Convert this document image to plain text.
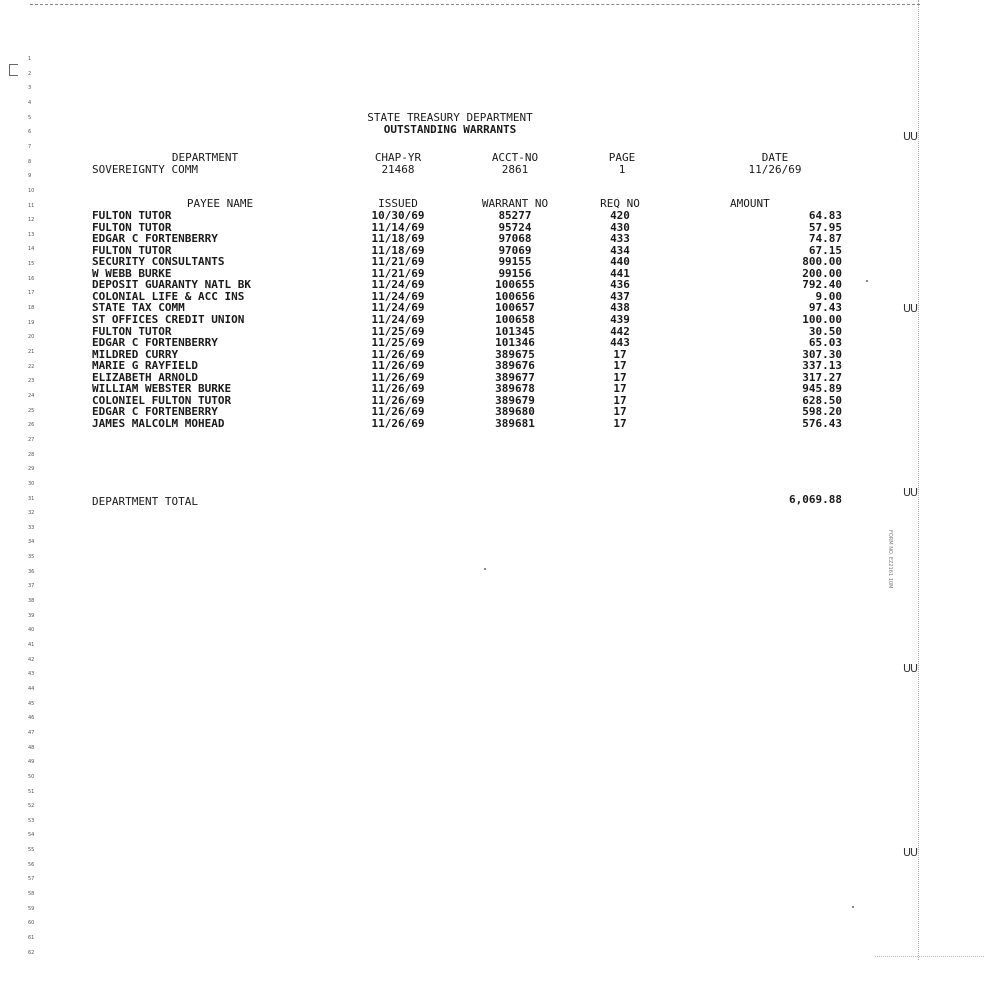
1
2
3
4
5
6
7
8
9
10
11
12
13
14
15
16
17
18
19
20
21
22
23
24
25
26
27
28
29
30
31
32
33
34
35
36
37
38
39
40
41
42
43
44
45
46
47
48
49
50
51
52
53
54
55
56
57
58
59
60
61
62
UU
UU
UU
UU
UU
FORM NO. EZ2161 10M
STATE TREASURY DEPARTMENT
OUTSTANDING WARRANTS
DEPARTMENT	CHAP-YR	ACCT-NO	PAGE	DATE
SOVEREIGNTY COMM	21468	2861	1	11/26/69
PAYEE NAME	ISSUED	WARRANT NO	REQ NO	AMOUNT
FULTON TUTOR	10/30/69	85277	420	64.83
FULTON TUTOR	11/14/69	95724	430	57.95
EDGAR C FORTENBERRY	11/18/69	97068	433	74.87
FULTON TUTOR	11/18/69	97069	434	67.15
SECURITY CONSULTANTS	11/21/69	99155	440	800.00
W WEBB BURKE	11/21/69	99156	441	200.00
DEPOSIT GUARANTY NATL BK	11/24/69	100655	436	792.40
COLONIAL LIFE & ACC INS	11/24/69	100656	437	9.00
STATE TAX COMM	11/24/69	100657	438	97.43
ST OFFICES CREDIT UNION	11/24/69	100658	439	100.00
FULTON TUTOR	11/25/69	101345	442	30.50
EDGAR C FORTENBERRY	11/25/69	101346	443	65.03
MILDRED CURRY	11/26/69	389675	17	307.30
MARIE G RAYFIELD	11/26/69	389676	17	337.13
ELIZABETH ARNOLD	11/26/69	389677	17	317.27
WILLIAM WEBSTER BURKE	11/26/69	389678	17	945.89
COLONIEL FULTON TUTOR	11/26/69	389679	17	628.50
EDGAR C FORTENBERRY	11/26/69	389680	17	598.20
JAMES MALCOLM MOHEAD	11/26/69	389681	17	576.43
DEPARTMENT TOTAL	6,069.88
